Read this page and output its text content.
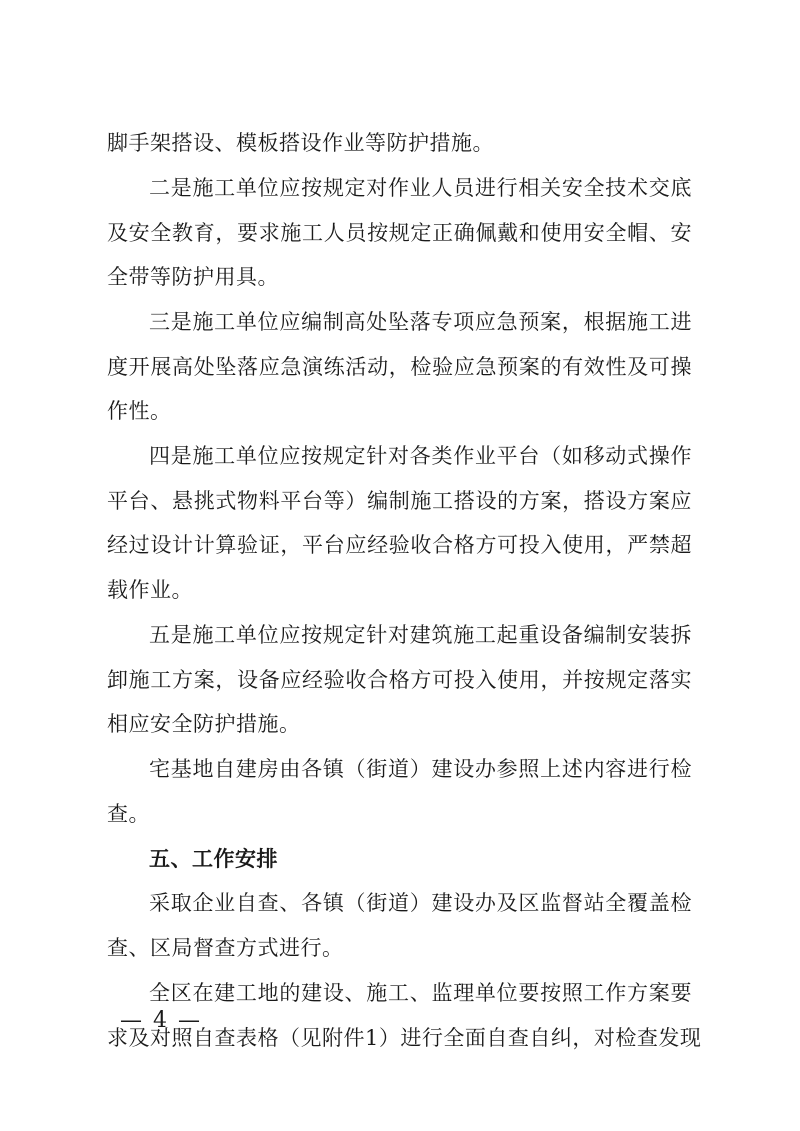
脚手架搭设、模板搭设作业等防护措施。
二是施工单位应按规定对作业人员进行相关安全技术交底
及安全教育，要求施工人员按规定正确佩戴和使用安全帽、安
全带等防护用具。
三是施工单位应编制高处坠落专项应急预案，根据施工进
度开展高处坠落应急演练活动，检验应急预案的有效性及可操
作性。
四是施工单位应按规定针对各类作业平台（如移动式操作
平台、悬挑式物料平台等）编制施工搭设的方案，搭设方案应
经过设计计算验证，平台应经验收合格方可投入使用，严禁超
载作业。
五是施工单位应按规定针对建筑施工起重设备编制安装拆
卸施工方案，设备应经验收合格方可投入使用，并按规定落实
相应安全防护措施。
宅基地自建房由各镇（街道）建设办参照上述内容进行检
查。
五、工作安排
采取企业自查、各镇（街道）建设办及区监督站全覆盖检
查、区局督查方式进行。
全区在建工地的建设、施工、监理单位要按照工作方案要
求及对照自查表格（见附件1）进行全面自查自纠，对检查发现
— 4 —
